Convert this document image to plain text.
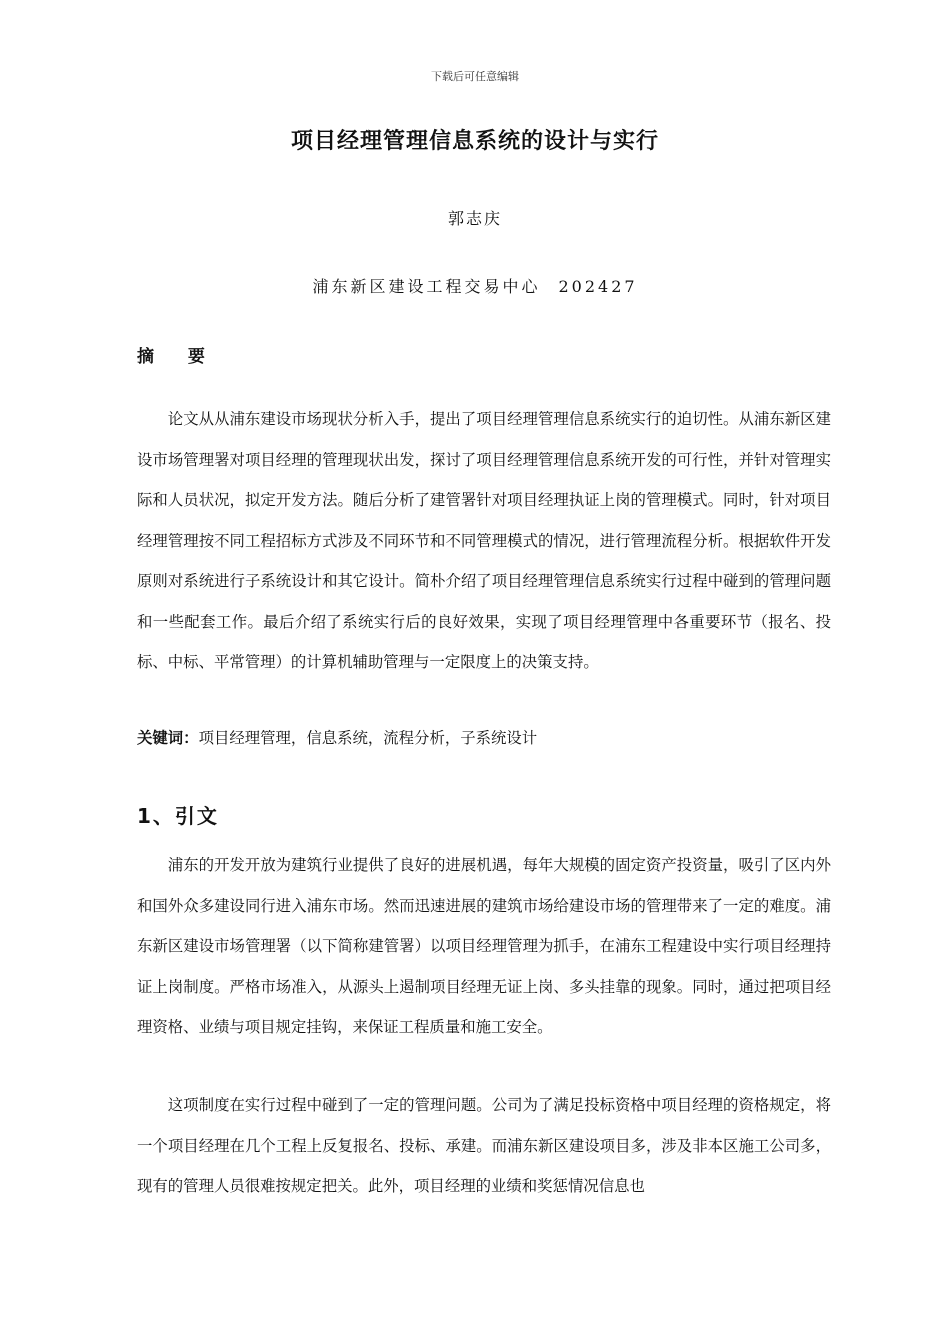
下载后可任意编辑
项目经理管理信息系统的设计与实行
郭志庆
浦东新区建设工程交易中心 202427
摘 要

论文从从浦东建设市场现状分析入手，提出了项目经理管理信息系统实行的迫切性。从浦东新区建设市场管理署对项目经理的管理现状出发，探讨了项目经理管理信息系统开发的可行性，并针对管理实际和人员状况，拟定开发方法。随后分析了建管署针对项目经理执证上岗的管理模式。同时，针对项目经理管理按不同工程招标方式涉及不同环节和不同管理模式的情况，进行管理流程分析。根据软件开发原则对系统进行子系统设计和其它设计。简朴介绍了项目经理管理信息系统实行过程中碰到的管理问题和一些配套工作。最后介绍了系统实行后的良好效果，实现了项目经理管理中各重要环节（报名、投标、中标、平常管理）的计算机辅助管理与一定限度上的决策支持。

关键词：项目经理管理，信息系统，流程分析，子系统设计
1、引文

浦东的开发开放为建筑行业提供了良好的进展机遇，每年大规模的固定资产投资量，吸引了区内外和国外众多建设同行进入浦东市场。然而迅速进展的建筑市场给建设市场的管理带来了一定的难度。浦东新区建设市场管理署（以下简称建管署）以项目经理管理为抓手，在浦东工程建设中实行项目经理持证上岗制度。严格市场准入，从源头上遏制项目经理无证上岗、多头挂靠的现象。同时，通过把项目经理资格、业绩与项目规定挂钩，来保证工程质量和施工安全。

这项制度在实行过程中碰到了一定的管理问题。公司为了满足投标资格中项目经理的资格规定，将一个项目经理在几个工程上反复报名、投标、承建。而浦东新区建设项目多，涉及非本区施工公司多，现有的管理人员很难按规定把关。此外，项目经理的业绩和奖惩情况信息也
